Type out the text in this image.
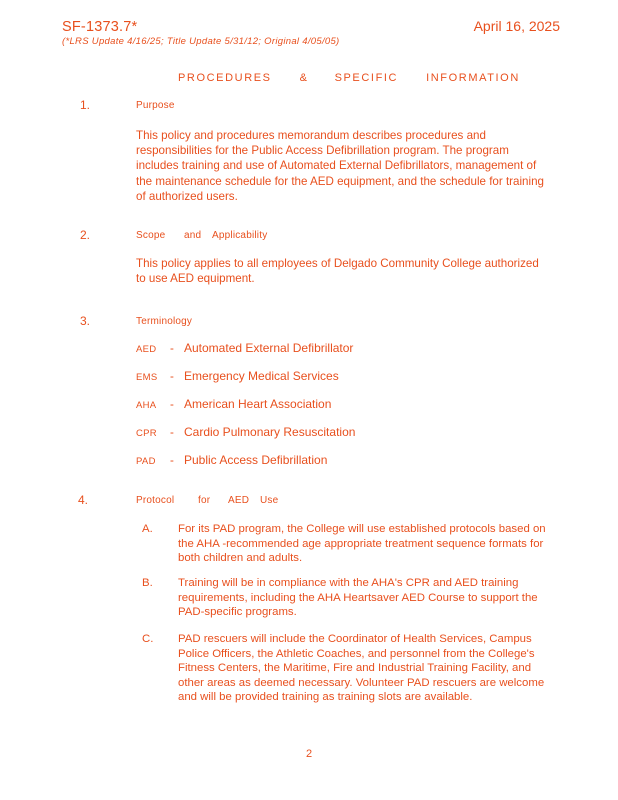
SF-1373.7*	April 16, 2025
(*LRS Update 4/16/25; Title Update 5/31/12; Original 4/05/05)
PROCEDURES	& SPECIFIC	INFORMATION
1.	Purpose
This policy and procedures memorandum describes procedures and responsibilities for the Public Access Defibrillation program. The program includes training and use of Automated External Defibrillators, management of the maintenance schedule for the AED equipment, and the schedule for training of authorized users.
2.	Scope and Applicability
This policy applies to all employees of Delgado Community College authorized to use AED equipment.
3.	Terminology
AED - Automated External Defibrillator
EMS - Emergency Medical Services
AHA - American Heart Association
CPR - Cardio Pulmonary Resuscitation
PAD - Public Access Defibrillation
4.	Protocol for AED Use
A. For its PAD program, the College will use established protocols based on the AHA -recommended age appropriate treatment sequence formats for both children and adults.
B. Training will be in compliance with the AHA's CPR and AED training requirements, including the AHA Heartsaver AED Course to support the PAD-specific programs.
C. PAD rescuers will include the Coordinator of Health Services, Campus Police Officers, the Athletic Coaches, and personnel from the College's Fitness Centers, the Maritime, Fire and Industrial Training Facility, and other areas as deemed necessary. Volunteer PAD rescuers are welcome and will be provided training as training slots are available.
2
